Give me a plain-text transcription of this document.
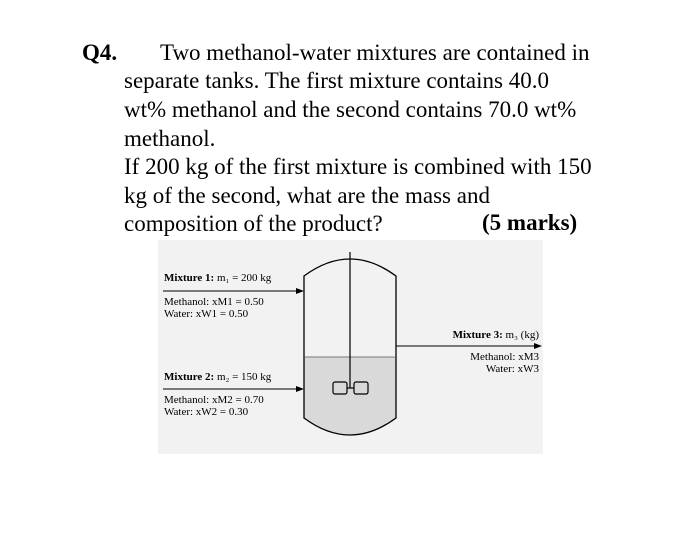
Q4. Two methanol-water mixtures are contained in
separate tanks. The first mixture contains 40.0
wt% methanol and the second contains 70.0 wt%
methanol.
If 200 kg of the first mixture is combined with 150
kg of the second, what are the mass and
composition of the product?	(5 marks)
Mixture 1: m₁ = 200 kg
Methanol: xM1 = 0.50
Water: xW1 = 0.50
Mixture 2: m₂ = 150 kg
Methanol: xM2 = 0.70
Water: xW2 = 0.30
Mixture 3: m₃ (kg)
Methanol: xM3
Water: xW3
